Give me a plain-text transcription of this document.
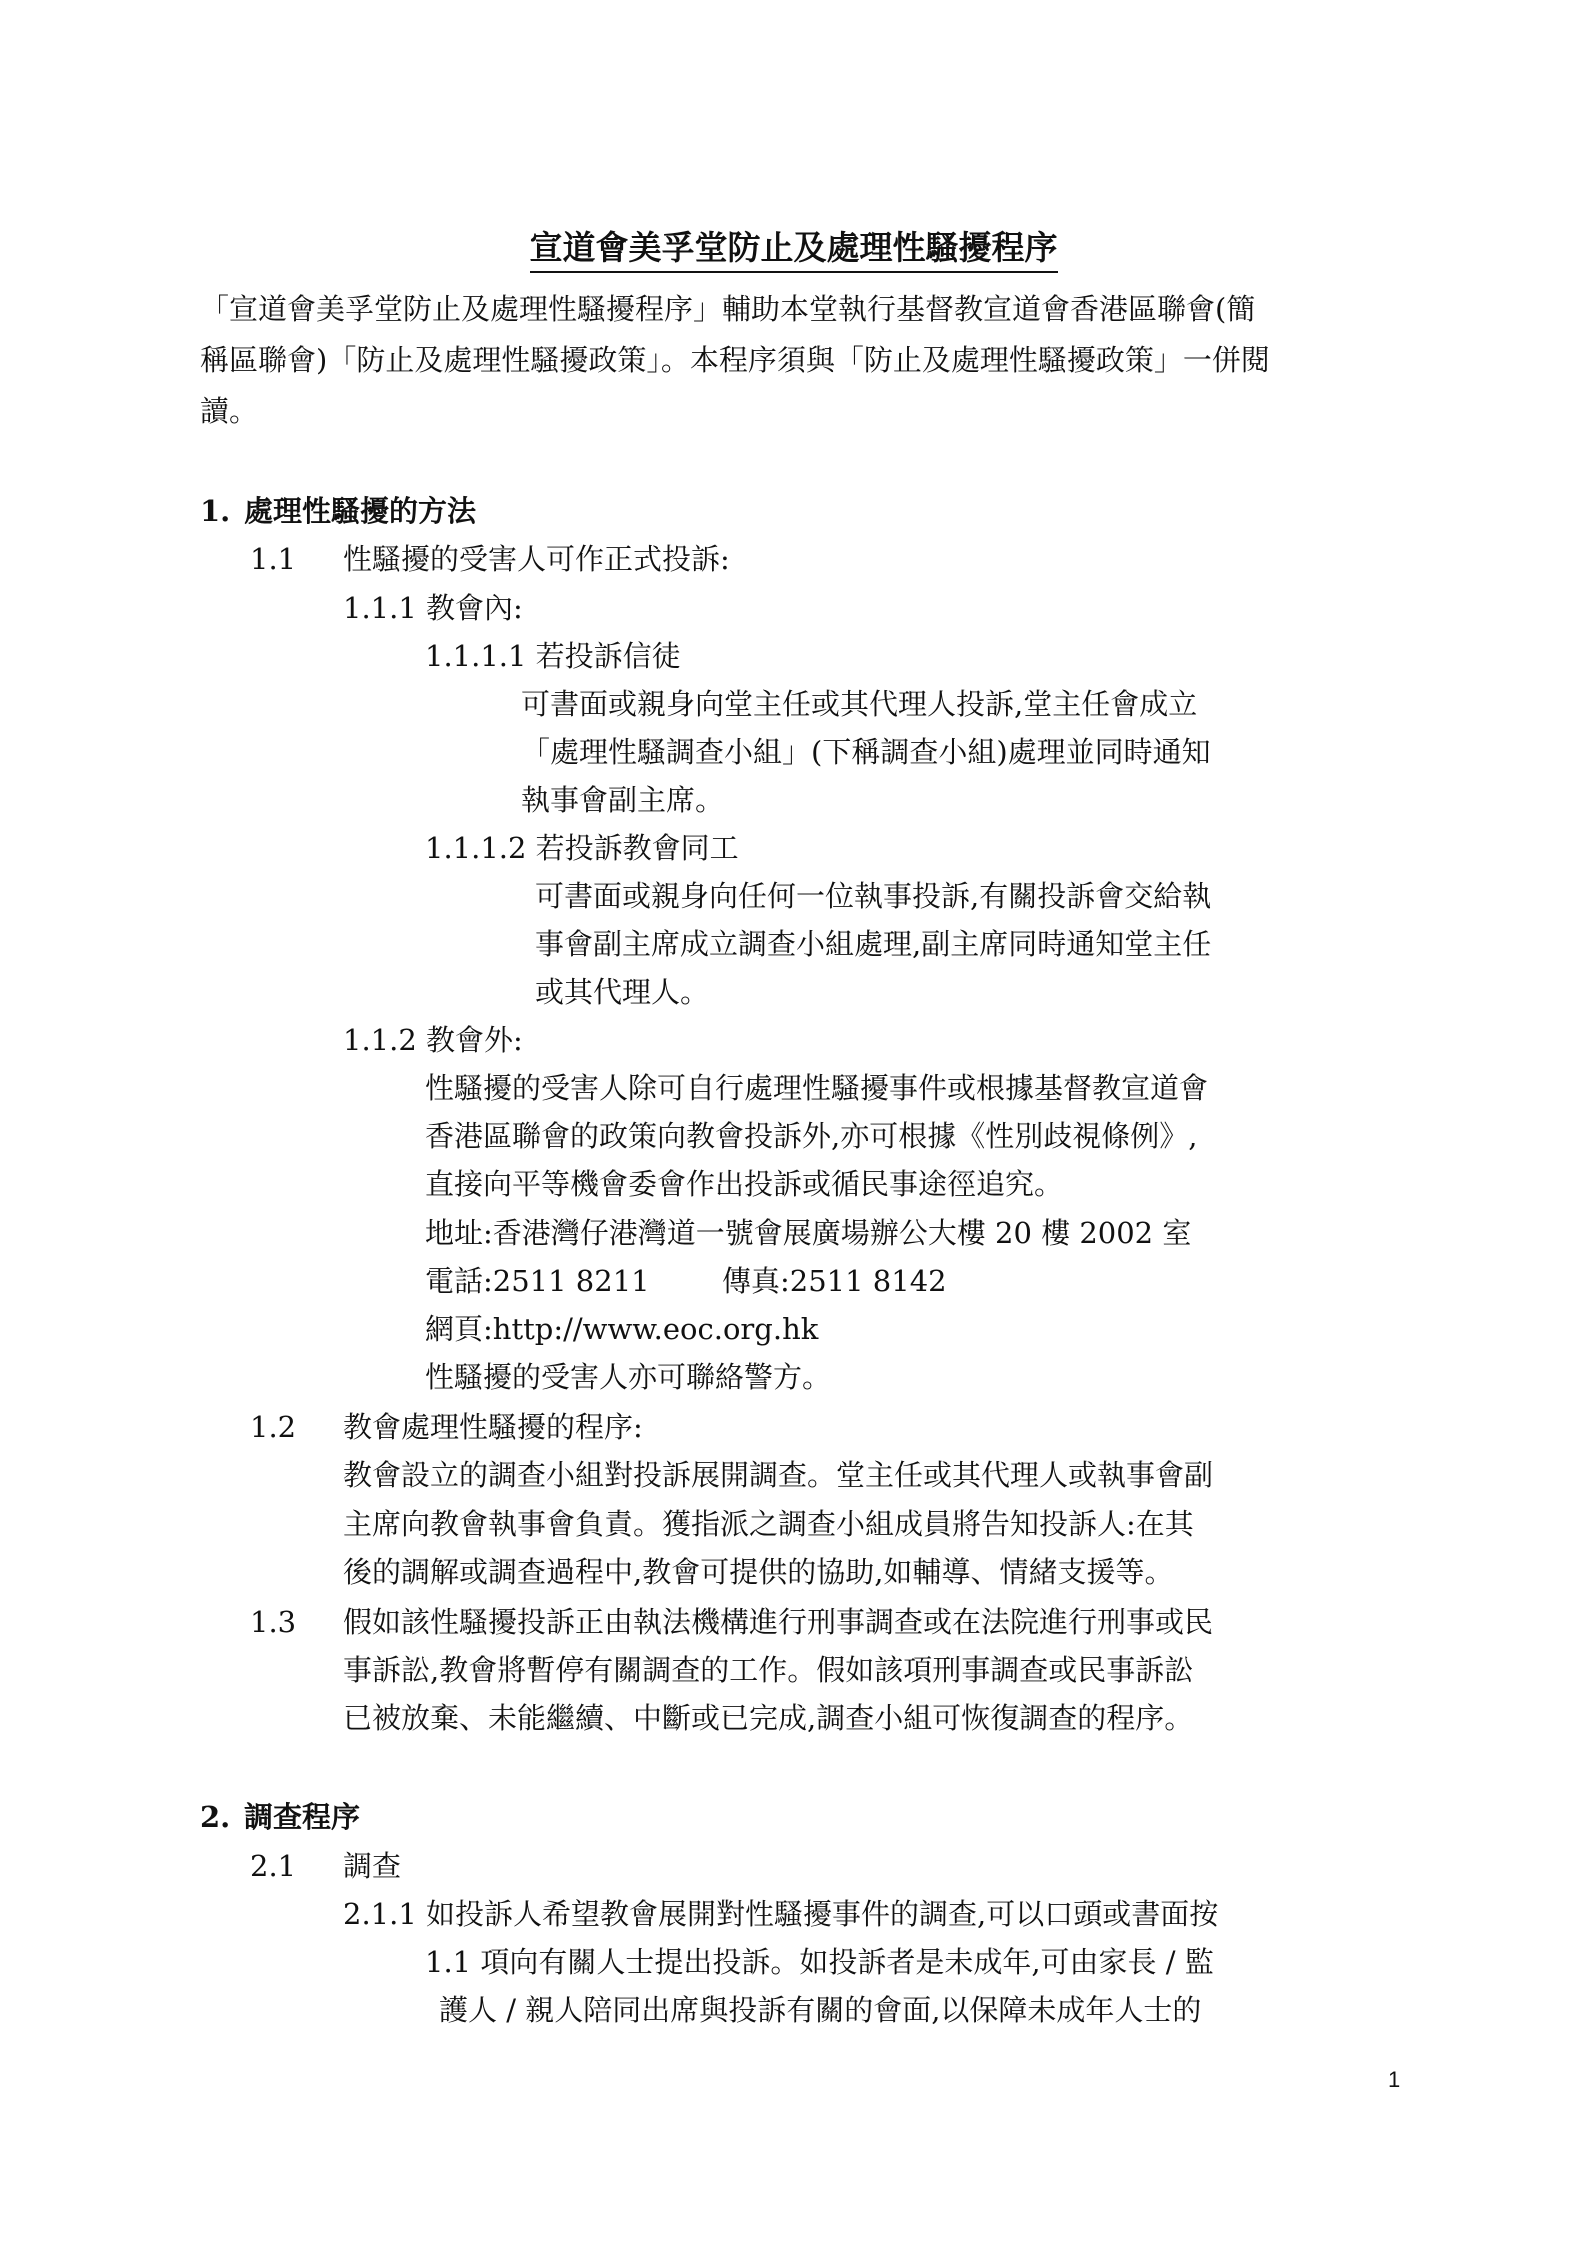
宣道會美孚堂防止及處理性騷擾程序
「宣道會美孚堂防止及處理性騷擾程序」輔助本堂執行基督教宣道會香港區聯會(簡
稱區聯會)「防止及處理性騷擾政策」。本程序須與「防止及處理性騷擾政策」一併閱
讀。
1. 處理性騷擾的方法
1.1 性騷擾的受害人可作正式投訴:
1.1.1 教會內:
1.1.1.1 若投訴信徒
可書面或親身向堂主任或其代理人投訴,堂主任會成立
「處理性騷調查小組」(下稱調查小組)處理並同時通知
執事會副主席。
1.1.1.2 若投訴教會同工
可書面或親身向任何一位執事投訴,有關投訴會交給執
事會副主席成立調查小組處理,副主席同時通知堂主任
或其代理人。
1.1.2 教會外:
性騷擾的受害人除可自行處理性騷擾事件或根據基督教宣道會
香港區聯會的政策向教會投訴外,亦可根據《性別歧視條例》,
直接向平等機會委會作出投訴或循民事途徑追究。
地址:香港灣仔港灣道一號會展廣場辦公大樓 20 樓 2002 室
電話:2511 8211 傳真:2511 8142
網頁:http://www.eoc.org.hk
性騷擾的受害人亦可聯絡警方。
1.2 教會處理性騷擾的程序:
教會設立的調查小組對投訴展開調查。堂主任或其代理人或執事會副
主席向教會執事會負責。獲指派之調查小組成員將告知投訴人:在其
後的調解或調查過程中,教會可提供的協助,如輔導、情緒支援等。
1.3 假如該性騷擾投訴正由執法機構進行刑事調查或在法院進行刑事或民
事訴訟,教會將暫停有關調查的工作。假如該項刑事調查或民事訴訟
已被放棄、未能繼續、中斷或已完成,調查小組可恢復調查的程序。
2. 調查程序
2.1 調查
2.1.1 如投訴人希望教會展開對性騷擾事件的調查,可以口頭或書面按
1.1 項向有關人士提出投訴。如投訴者是未成年,可由家長 / 監
護人 / 親人陪同出席與投訴有關的會面,以保障未成年人士的
1
